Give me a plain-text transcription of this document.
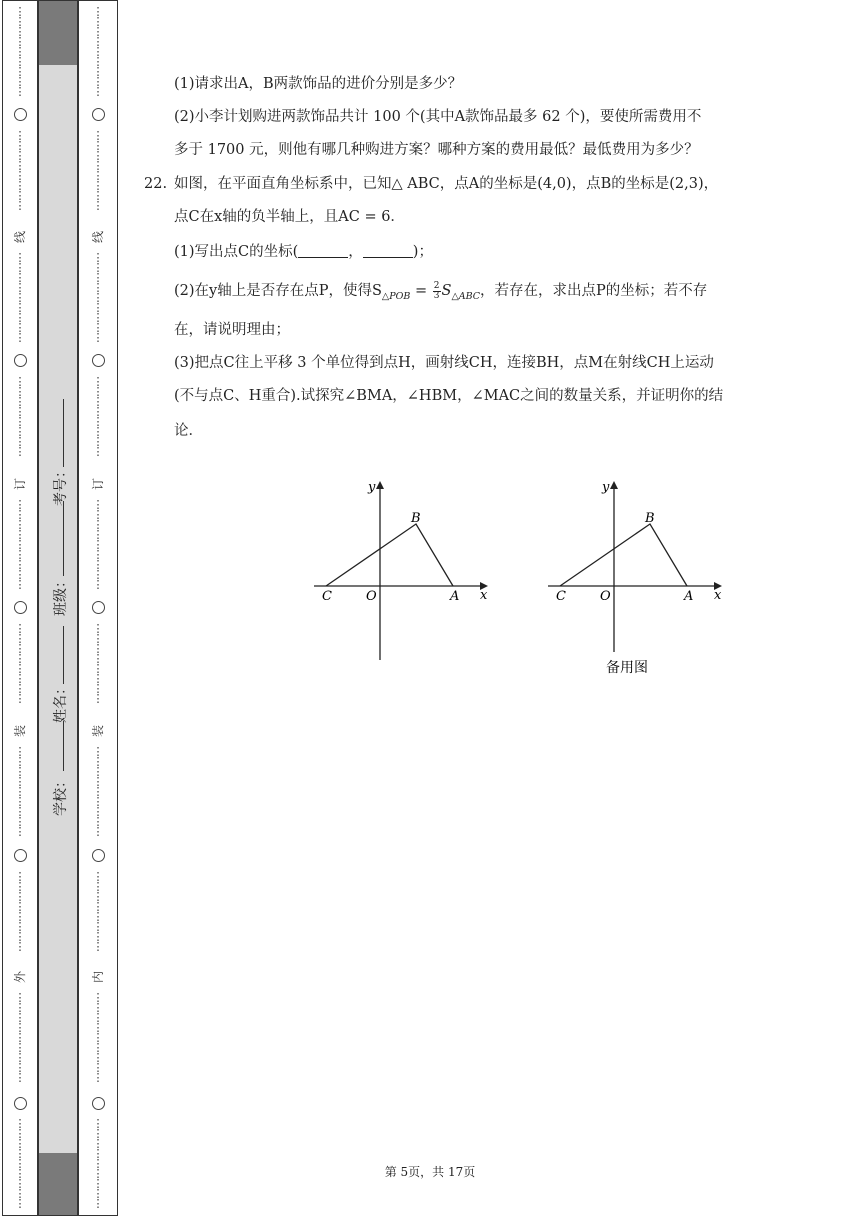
⋮
⋮
⋮
⋮
⋮
⋮
⋮
⋮
⋮
⋮
⋮
⋮
⋮
⋮
⋮
⋮
⋮
线
⋮
⋮
⋮
⋮
⋮
⋮
⋮
⋮
⋮
⋮
⋮
⋮
⋮
⋮
⋮
⋮
⋮
订
⋮
⋮
⋮
⋮
⋮
⋮
⋮
⋮
⋮
⋮
⋮
⋮
⋮
⋮
⋮
⋮
⋮
装
⋮
⋮
⋮
⋮
⋮
⋮
⋮
⋮
⋮
⋮
⋮
⋮
⋮
⋮
⋮
⋮
⋮
外
⋮
⋮
⋮
⋮
⋮
⋮
⋮
⋮
⋮
⋮
⋮
⋮
⋮
⋮
⋮
⋮
⋮
⋮
学校：
姓名：
班级：
考号：
⋮
⋮
⋮
⋮
⋮
⋮
⋮
⋮
⋮
⋮
⋮
⋮
⋮
⋮
⋮
⋮
⋮
线
⋮
⋮
⋮
⋮
⋮
⋮
⋮
⋮
⋮
⋮
⋮
⋮
⋮
⋮
⋮
⋮
⋮
订
⋮
⋮
⋮
⋮
⋮
⋮
⋮
⋮
⋮
⋮
⋮
⋮
⋮
⋮
⋮
⋮
⋮
装
⋮
⋮
⋮
⋮
⋮
⋮
⋮
⋮
⋮
⋮
⋮
⋮
⋮
⋮
⋮
⋮
⋮
内
⋮
⋮
⋮
⋮
⋮
⋮
⋮
⋮
⋮
⋮
⋮
⋮
⋮
⋮
⋮
⋮
⋮
⋮
(1)请求出A，B两款饰品的进价分别是多少？
(2)小李计划购进两款饰品共计 100 个(其中A款饰品最多 62 个)，要使所需费用不
多于 1700 元，则他有哪几种购进方案？哪种方案的费用最低？最低费用为多少？
22. 如图，在平面直角坐标系中，已知△ ABC，点A的坐标是(4,0)，点B的坐标是(2,3)，
点C在x轴的负半轴上，且AC = 6．
(1)写出点C的坐标(	，	)；
(2)在y轴上是否存在点P，使得$S_{\triangle POB} = \frac{2}{3} S_{\triangle ABC}$，若存在，求出点P的坐标；若不存
在，请说明理由；
(3)把点C往上平移 3 个单位得到点H，画射线CH，连接BH，点M在射线CH上运动
(不与点C、H重合).试探究∠BMA，∠HBM，∠MAC之间的数量关系，并证明你的结
论．
y
x
B
C	O	A
y
x
B
C	O	A
备用图
第 5页，共 17页
